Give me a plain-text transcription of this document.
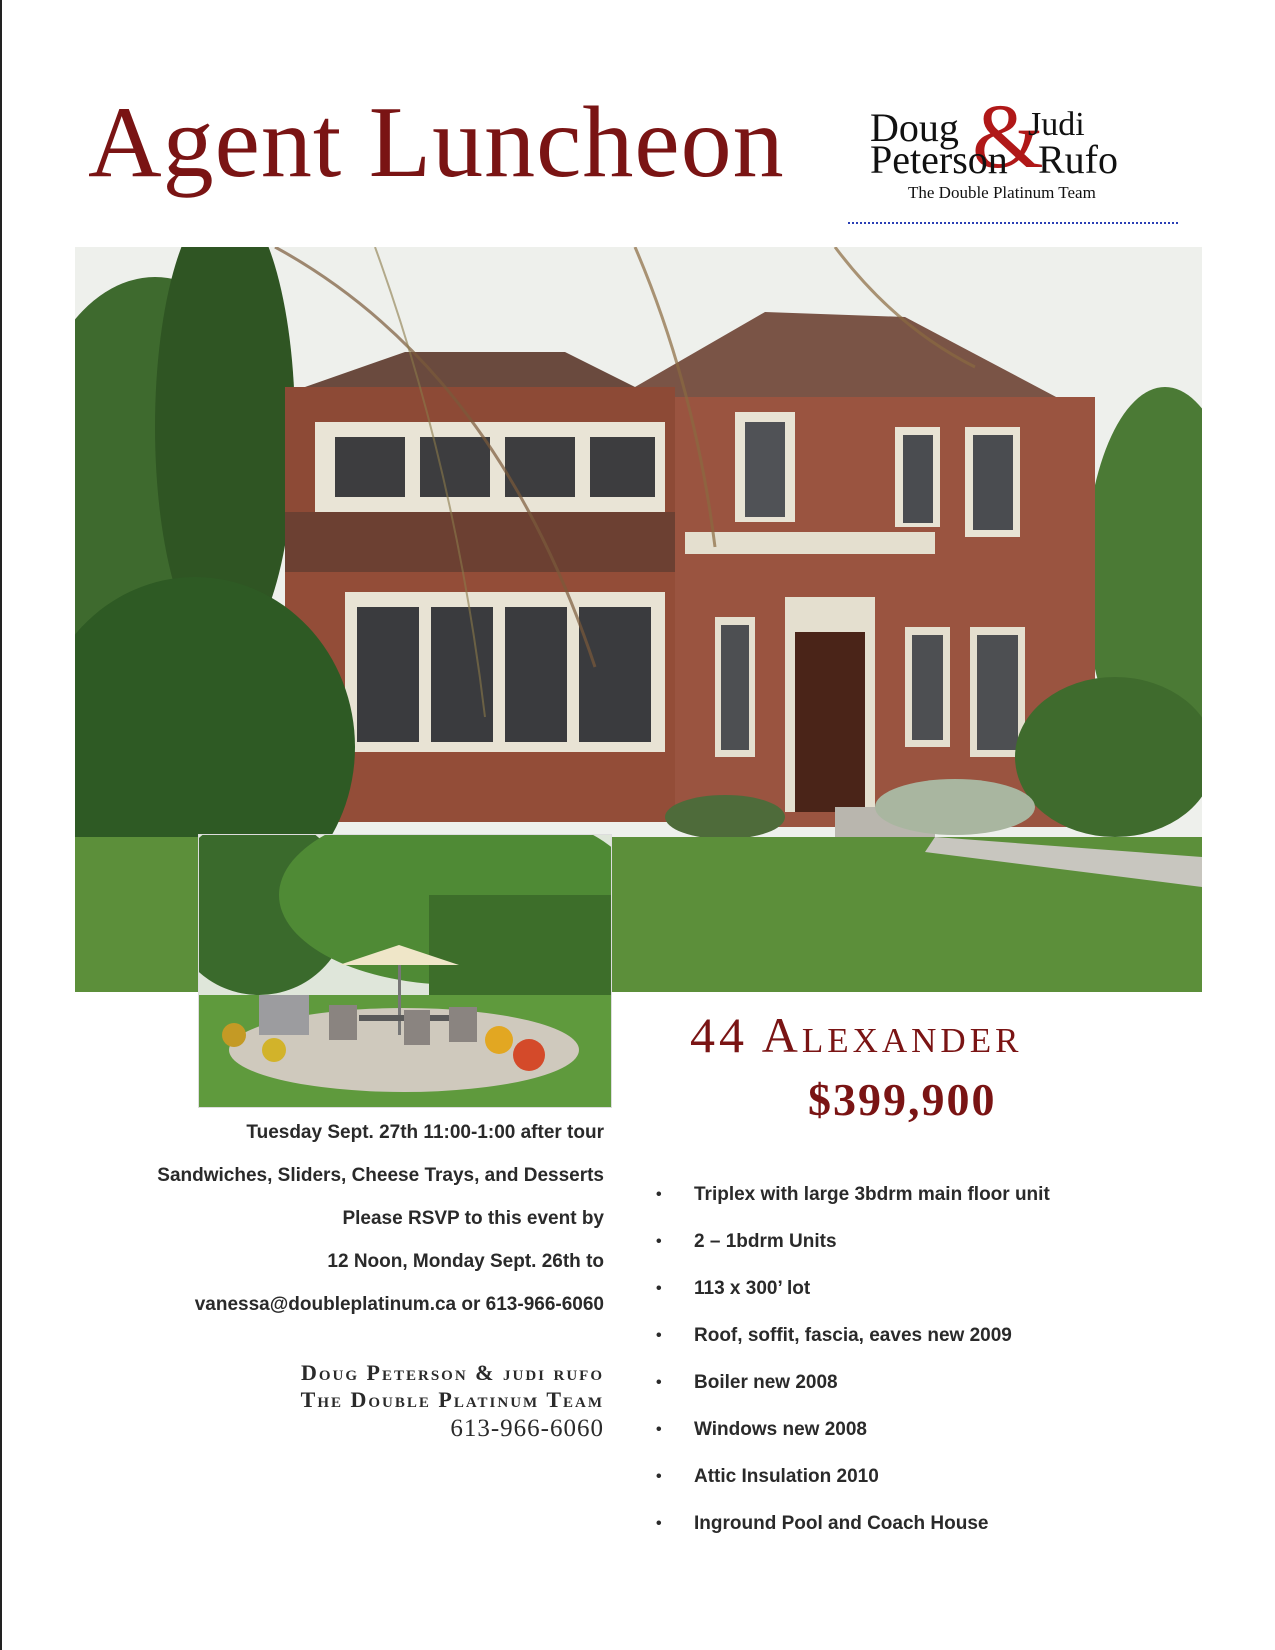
Agent Luncheon &
Doug Judi
Peterson Rufo
The Double Platinum Team
44 Alexander
$399,900
Tuesday Sept. 27th 11:00-1:00 after tour
Sandwiches, Sliders, Cheese Trays, and Desserts
Please RSVP to this event by
12 Noon, Monday Sept. 26th to
vanessa@doubleplatinum.ca or 613-966-6060
Doug Peterson & judi rufo
The Double Platinum Team
613-966-6060
• Triplex with large 3bdrm main floor unit
• 2 – 1bdrm Units
• 113 x 300’ lot
• Roof, soffit, fascia, eaves new 2009
• Boiler new 2008
• Windows new 2008
• Attic Insulation 2010
• Inground Pool and Coach House
